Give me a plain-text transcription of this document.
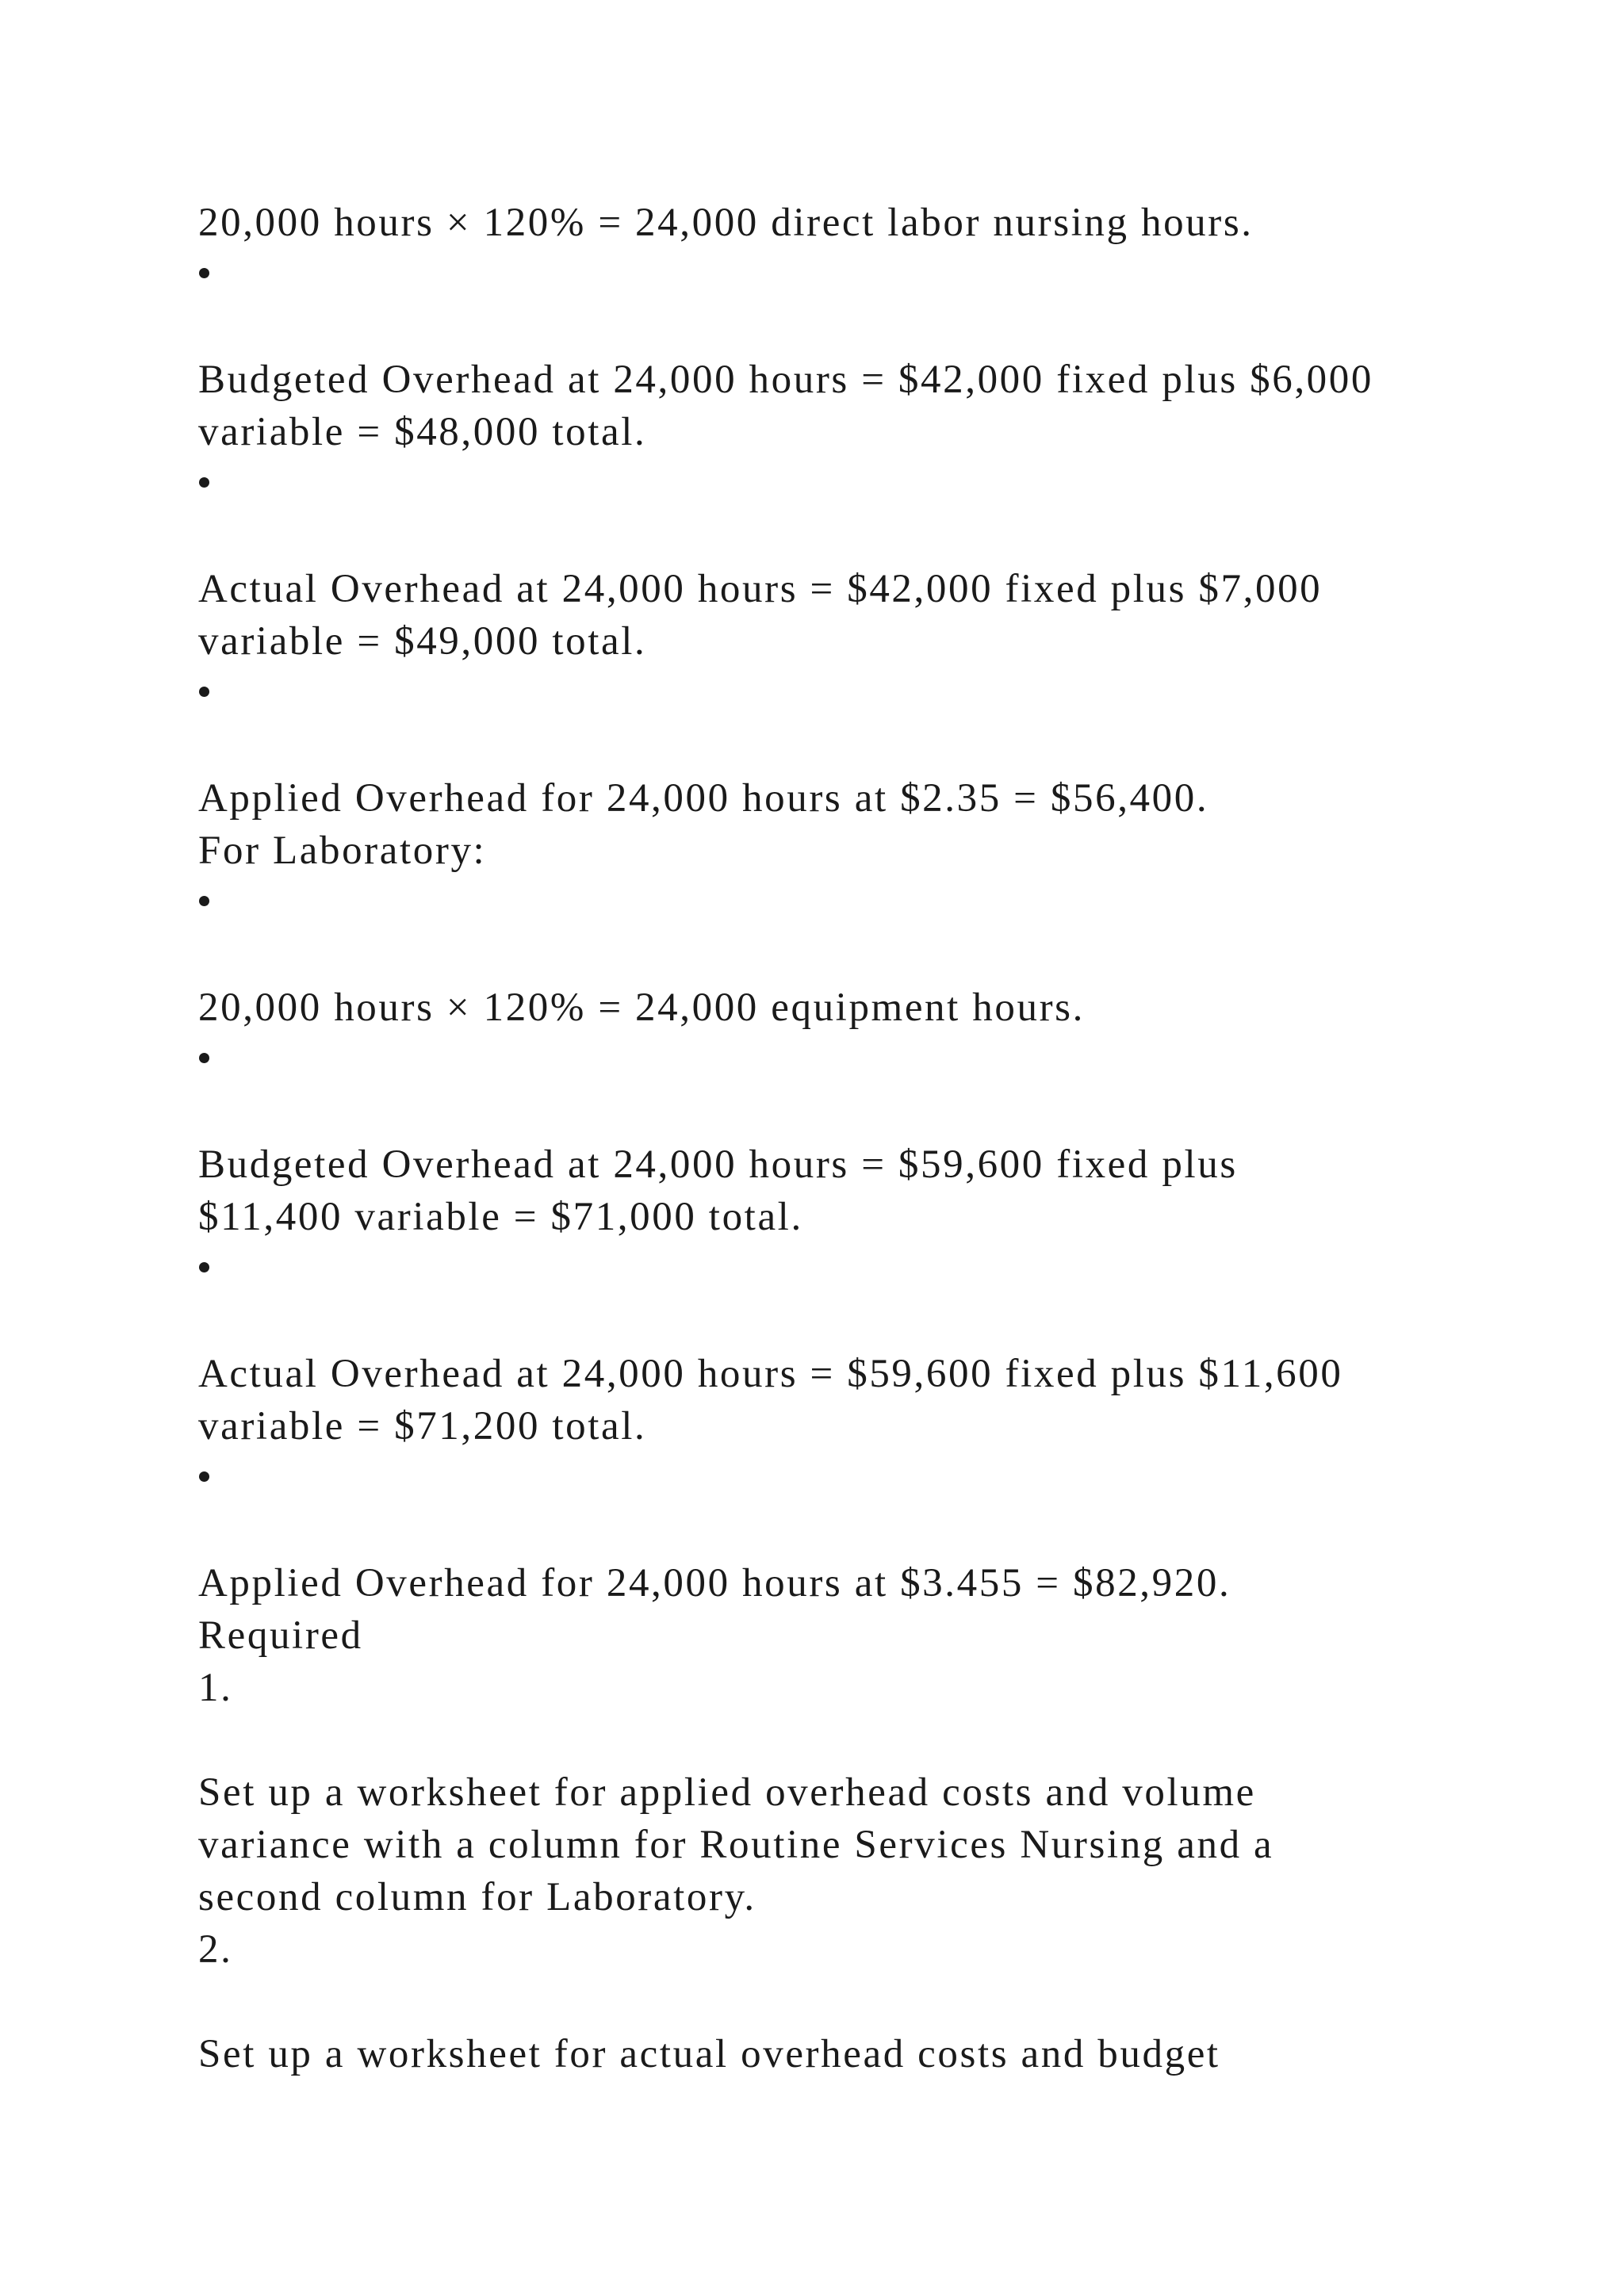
20,000 hours × 120% = 24,000 direct labor nursing hours.
Budgeted Overhead at 24,000 hours = $42,000 fixed plus $6,000
variable = $48,000 total.
Actual Overhead at 24,000 hours = $42,000 fixed plus $7,000
variable = $49,000 total.
Applied Overhead for 24,000 hours at $2.35 = $56,400.
For Laboratory:
20,000 hours × 120% = 24,000 equipment hours.
Budgeted Overhead at 24,000 hours = $59,600 fixed plus
$11,400 variable = $71,000 total.
Actual Overhead at 24,000 hours = $59,600 fixed plus $11,600
variable = $71,200 total.
Applied Overhead for 24,000 hours at $3.455 = $82,920.
Required
1.
Set up a worksheet for applied overhead costs and volume
variance with a column for Routine Services Nursing and a
second column for Laboratory.
2.
Set up a worksheet for actual overhead costs and budget
